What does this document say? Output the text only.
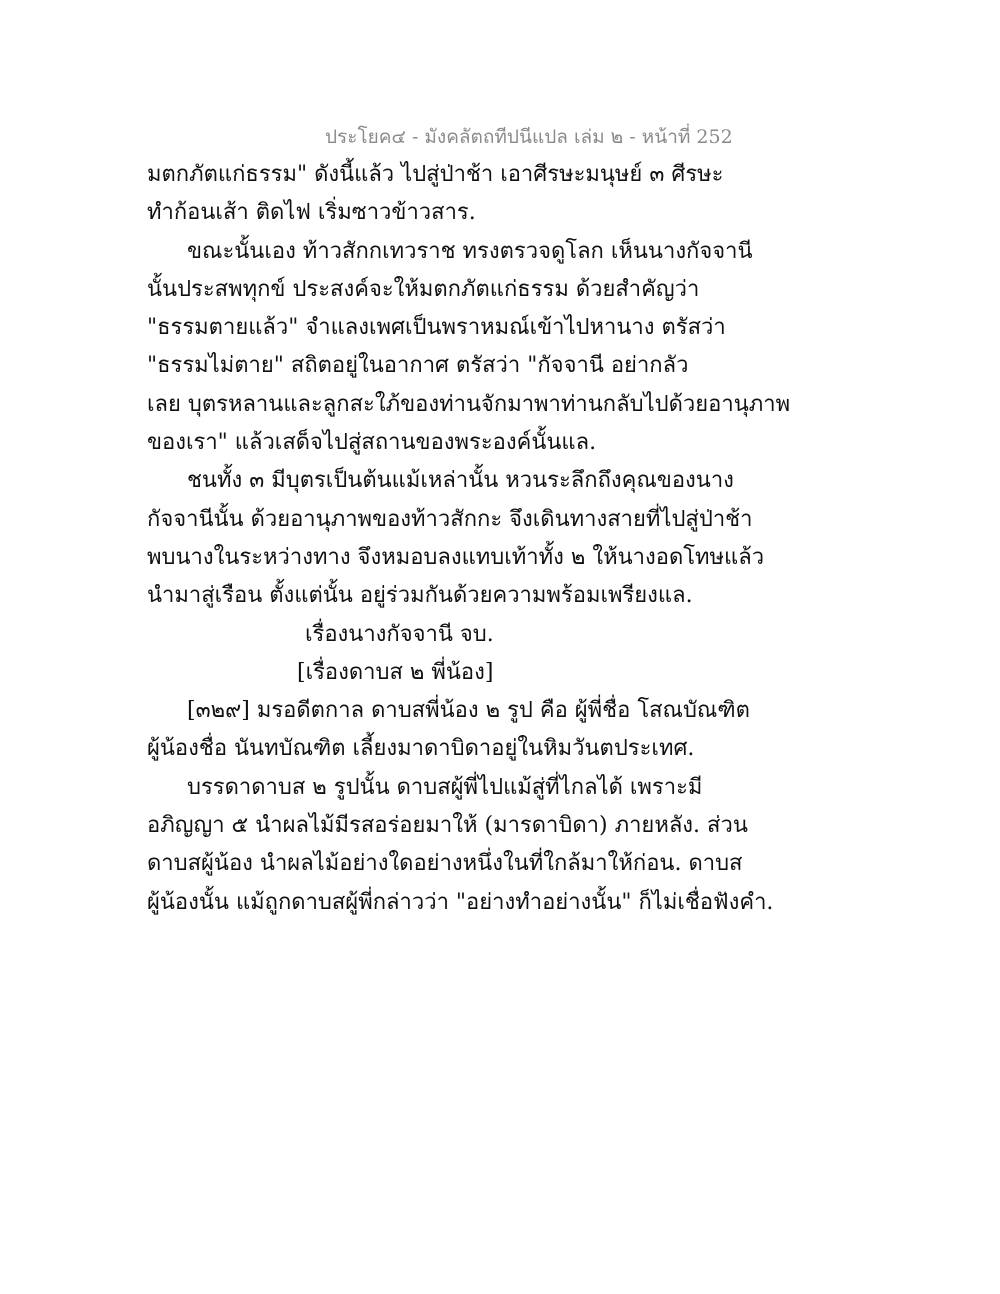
ประโยค๔ - มังคลัตถทีปนีแปล เล่ม ๒ - หน้าที่ 252
มตกภัตแก่ธรรม" ดังนี้แล้ว ไปสู่ป่าช้า เอาศีรษะมนุษย์ ๓ ศีรษะ
ทำก้อนเส้า ติดไฟ เริ่มซาวข้าวสาร.
ขณะนั้นเอง ท้าวสักกเทวราช ทรงตรวจดูโลก เห็นนางกัจจานี
นั้นประสพทุกข์ ประสงค์จะให้มตกภัตแก่ธรรม ด้วยสำคัญว่า
"ธรรมตายแล้ว" จำแลงเพศเป็นพราหมณ์เข้าไปหานาง ตรัสว่า
"ธรรมไม่ตาย" สถิตอยู่ในอากาศ ตรัสว่า "กัจจานี อย่ากลัว
เลย บุตรหลานและลูกสะใภ้ของท่านจักมาพาท่านกลับไปด้วยอานุภาพ
ของเรา" แล้วเสด็จไปสู่สถานของพระองค์นั้นแล.
ชนทั้ง ๓ มีบุตรเป็นต้นแม้เหล่านั้น หวนระลึกถึงคุณของนาง
กัจจานีนั้น ด้วยอานุภาพของท้าวสักกะ จึงเดินทางสายที่ไปสู่ป่าช้า
พบนางในระหว่างทาง จึงหมอบลงแทบเท้าทั้ง ๒ ให้นางอดโทษแล้ว
นำมาสู่เรือน ตั้งแต่นั้น อยู่ร่วมกันด้วยความพร้อมเพรียงแล.
เรื่องนางกัจจานี จบ.
[เรื่องดาบส ๒ พี่น้อง]
[๓๒๙] มรอดีตกาล ดาบสพี่น้อง ๒ รูป คือ ผู้พี่ชื่อ โสณบัณฑิต
ผู้น้องชื่อ นันทบัณฑิต เลี้ยงมาดาบิดาอยู่ในหิมวันตประเทศ.
บรรดาดาบส ๒ รูปนั้น ดาบสผู้พี่ไปแม้สู่ที่ไกลได้ เพราะมี
อภิญญา ๕ นำผลไม้มีรสอร่อยมาให้ (มารดาบิดา) ภายหลัง. ส่วน
ดาบสผู้น้อง นำผลไม้อย่างใดอย่างหนึ่งในที่ใกล้มาให้ก่อน. ดาบส
ผู้น้องนั้น แม้ถูกดาบสผู้พี่กล่าวว่า "อย่างทำอย่างนั้น" ก็ไม่เชื่อฟังคำ.
